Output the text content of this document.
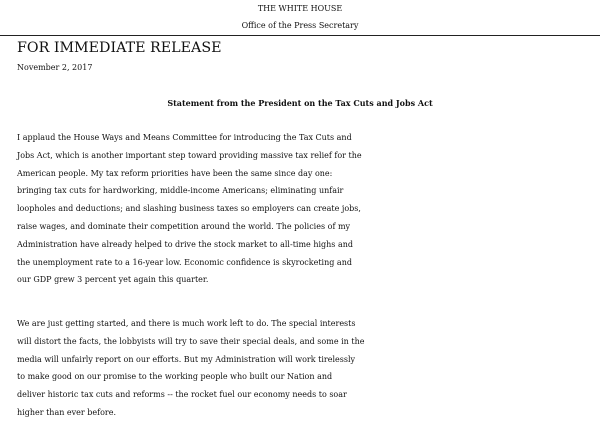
THE WHITE HOUSE
Office of the Press Secretary
FOR IMMEDIATE RELEASE
November 2, 2017
Statement from the President on the Tax Cuts and Jobs Act
I applaud the House Ways and Means Committee for introducing the Tax Cuts and
Jobs Act, which is another important step toward providing massive tax relief for the
American people. My tax reform priorities have been the same since day one:
bringing tax cuts for hardworking, middle-income Americans; eliminating unfair
loopholes and deductions; and slashing business taxes so employers can create jobs,
raise wages, and dominate their competition around the world. The policies of my
Administration have already helped to drive the stock market to all-time highs and
the unemployment rate to a 16-year low. Economic confidence is skyrocketing and
our GDP grew 3 percent yet again this quarter.
We are just getting started, and there is much work left to do. The special interests
will distort the facts, the lobbyists will try to save their special deals, and some in the
media will unfairly report on our efforts. But my Administration will work tirelessly
to make good on our promise to the working people who built our Nation and
deliver historic tax cuts and reforms -- the rocket fuel our economy needs to soar
higher than ever before.
